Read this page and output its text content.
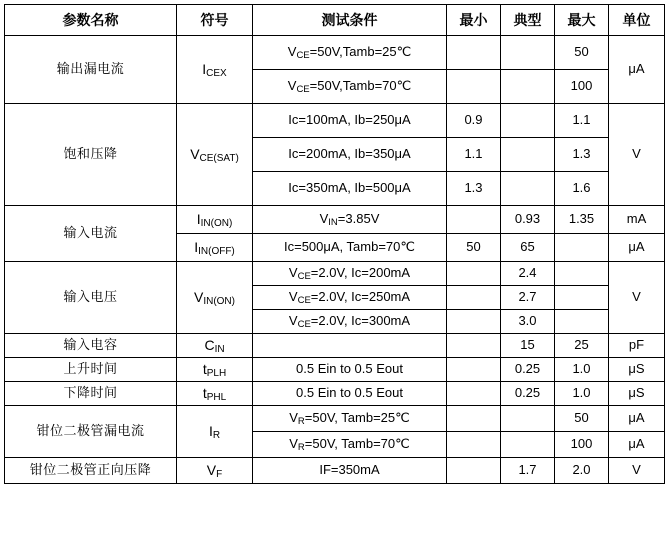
参数名称	符号	测试条件	最小	典型	最大	单位
输出漏电流	$I_{CEX}$	$V_{CE}=50V,Tamb=25℃$			50	μA
		$V_{CE}=50V,Tamb=70℃$			100	
饱和压降	$V_{CE(SAT)}$	Ic=100mA, Ib=250μA	0.9		1.1	V
		Ic=200mA, Ib=350μA	1.1		1.3	
		Ic=350mA, Ib=500μA	1.3		1.6	
输入电流	$I_{IN(ON)}$	$V_{IN}=3.85V$		0.93	1.35	mA
	$I_{IN(OFF)}$	Ic=500μA, Tamb=70℃	50	65		μA
输入电压	$V_{IN(ON)}$	$V_{CE}=2.0V$, Ic=200mA		2.4		V
		$V_{CE}=2.0V$, Ic=250mA		2.7		
		$V_{CE}=2.0V$, Ic=300mA		3.0		
输入电容	$C_{IN}$			15	25	pF
上升时间	$t_{PLH}$	0.5 Ein to 0.5 Eout		0.25	1.0	μS
下降时间	$t_{PHL}$	0.5 Ein to 0.5 Eout		0.25	1.0	μS
钳位二极管漏电流	$I_R$	$V_R=50V$, Tamb=25℃			50	μA
		$V_R=50V$, Tamb=70℃			100	μA
钳位二极管正向压降	$V_F$	IF=350mA		1.7	2.0	V
